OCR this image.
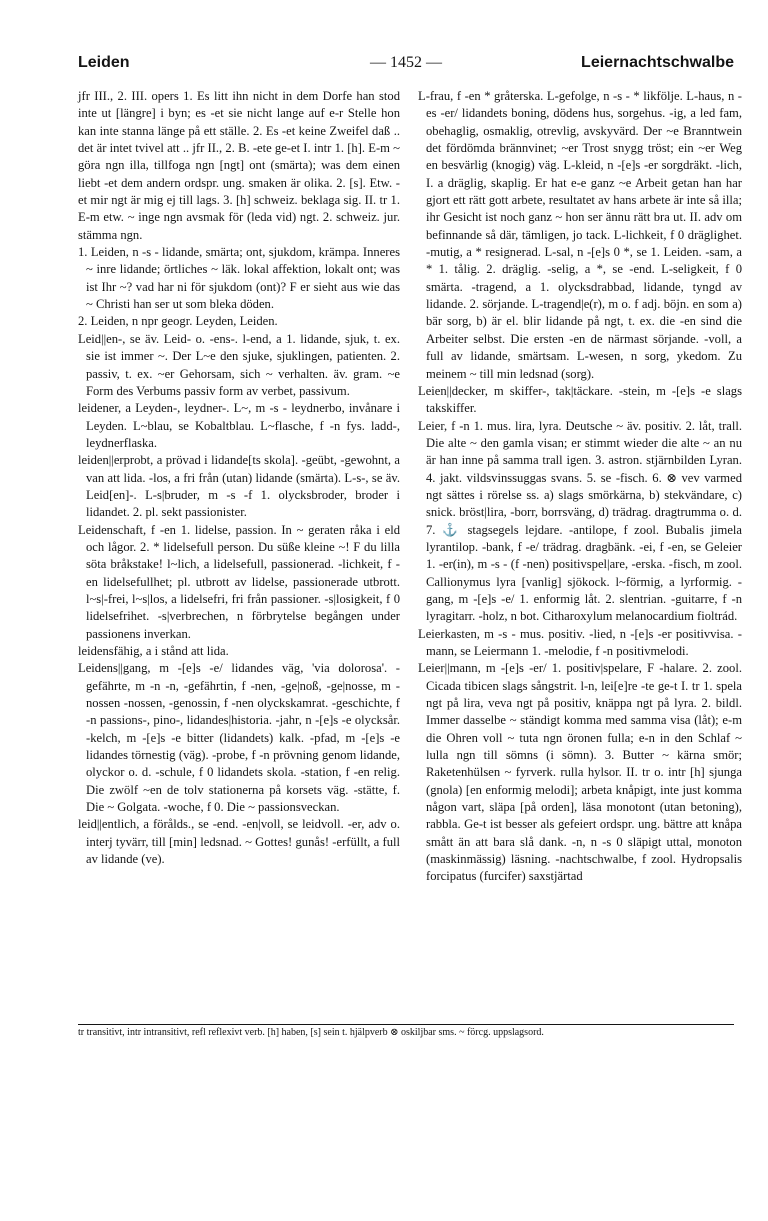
Leiden	— 1452 —	Leiernachtschwalbe

jfr III., 2. III. opers 1. Es litt ihn nicht in dem Dorfe han stod inte ut [längre] i byn; es -et sie nicht lange auf e-r Stelle hon kan inte stanna länge på ett ställe. 2. Es -et keine Zweifel daß .. det är intet tvivel att .. jfr II., 2. B. -ete ge-et I. intr 1. [h]. E-m ~ göra ngn illa, tillfoga ngn [ngt] ont (smärta); was dem einen liebt -et dem andern ordspr. ung. smaken är olika. 2. [s]. Etw. -et mir ngt är mig ej till lags. 3. [h] schweiz. beklaga sig. II. tr 1. E-m etw. ~ inge ngn avsmak för (leda vid) ngt. 2. schweiz. jur. stämma ngn.

1. Leiden, n -s - lidande, smärta; ont, sjukdom, krämpa. Inneres ~ inre lidande; örtliches ~ läk. lokal affektion, lokalt ont; was ist Ihr ~? vad har ni för sjukdom (ont)? F er sieht aus wie das ~ Christi han ser ut som bleka döden.

2. Leiden, n npr geogr. Leyden, Leiden.

Leid||en-, se äv. Leid- o. -ens-. l-end, a 1. lidande, sjuk, t. ex. sie ist immer ~. Der L~e den sjuke, sjuklingen, patienten. 2. passiv, t. ex. ~er Gehorsam, sich ~ verhalten. äv. gram. ~e Form des Verbums passiv form av verbet, passivum.

leidener, a Leyden-, leydner-. L~, m -s - leydnerbo, invånare i Leyden. L~blau, se Kobaltblau. L~flasche, f -n fys. ladd-, leydnerflaska.

leiden||erprobt, a prövad i lidande[ts skola]. -geübt, -gewohnt, a van att lida. -los, a fri från (utan) lidande (smärta). L-s-, se äv. Leid[en]-. L-s|bruder, m -s -f 1. olycksbroder, broder i lidandet. 2. pl. sekt passionister.

Leidenschaft, f -en 1. lidelse, passion. In ~ geraten råka i eld och lågor. 2. * lidelsefull person. Du süße kleine ~! F du lilla söta bråkstake! l~lich, a lidelsefull, passionerad. -lichkeit, f -en lidelsefullhet; pl. utbrott av lidelse, passionerade utbrott. l~s|-frei, l~s|los, a lidelsefri, fri från passioner. -s|losigkeit, f 0 lidelsefrihet. -s|verbrechen, n förbrytelse begången under passionens inverkan.

leidensfähig, a i stånd att lida.

Leidens||gang, m -[e]s -e/ lidandes väg, 'via dolorosa'. -gefährte, m -n -n, -gefährtin, f -nen, -ge|noß, -ge|nosse, m -nossen -nossen, -genossin, f -nen olyckskamrat. -geschichte, f -n passions-, pino-, lidandes|historia. -jahr, n -[e]s -e olycksår. -kelch, m -[e]s -e bitter (lidandets) kalk. -pfad, m -[e]s -e lidandes törnestig (väg). -probe, f -n prövning genom lidande, olyckor o. d. -schule, f 0 lidandets skola. -station, f -en relig. Die zwölf ~en de tolv stationerna på korsets väg. -stätte, f. Die ~ Golgata. -woche, f 0. Die ~ passionsveckan.

leid||entlich, a förålds., se -end. -en|voll, se leidvoll. -er, adv o. interj tyvärr, till [min] ledsnad. ~ Gottes! gunås! -erfüllt, a full av lidande (ve).

L-frau, f -en * gråterska. L-gefolge, n -s - * likfölje. L-haus, n -es -er/ lidandets boning, dödens hus, sorgehus. -ig, a led fam, obehaglig, osmaklig, otrevlig, avskyvärd. Der ~e Branntwein det fördömda brännvinet; ~er Trost snygg tröst; ein ~er Weg en besvärlig (knogig) väg. L-kleid, n -[e]s -er sorgdräkt. -lich, I. a dräglig, skaplig. Er hat e-e ganz ~e Arbeit getan han har gjort ett rätt gott arbete, resultatet av hans arbete är inte så illa; ihr Gesicht ist noch ganz ~ hon ser ännu rätt bra ut. II. adv om befinnande så där, tämligen, jo tack. L-lichkeit, f 0 dräglighet. -mutig, a * resignerad. L-sal, n -[e]s 0 *, se 1. Leiden. -sam, a * 1. tålig. 2. dräglig. -selig, a *, se -end. L-seligkeit, f 0 smärta. -tragend, a 1. olycksdrabbad, lidande, tyngd av lidande. 2. sörjande. L-tragend|e(r), m o. f adj. böjn. en som a) bär sorg, b) är el. blir lidande på ngt, t. ex. die -en sind die Arbeiter selbst. Die ersten -en de närmast sörjande. -voll, a full av lidande, smärtsam. L-wesen, n sorg, ykedom. Zu meinem ~ till min ledsnad (sorg).

Leien||decker, m skiffer-, tak|täckare. -stein, m -[e]s -e slags takskiffer.

Leier, f -n 1. mus. lira, lyra. Deutsche ~ äv. positiv. 2. låt, trall. Die alte ~ den gamla visan; er stimmt wieder die alte ~ an nu är han inne på samma trall igen. 3. astron. stjärnbilden Lyran. 4. jakt. vildsvinssuggas svans. 5. se -fisch. 6. ⊗ vev varmed ngt sättes i rörelse ss. a) slags smörkärna, b) stekvändare, c) snick. bröst|lira, -borr, borrsväng, d) trädrag. dragtrumma o. d. 7. ⚓ stagsegels lejdare. -antilope, f zool. Bubalis jimela lyrantilop. -bank, f -e/ trädrag. dragbänk. -ei, f -en, se Geleier 1. -er(in), m -s - (f -nen) positivspel|are, -erska. -fisch, m zool. Callionymus lyra [vanlig] sjökock. l~förmig, a lyrformig. -gang, m -[e]s -e/ 1. enformig låt. 2. slentrian. -guitarre, f -n lyragitarr. -holz, n bot. Citharoxylum melanocardium fioltrád.

Leierkasten, m -s - mus. positiv. -lied, n -[e]s -er positivvisa. -mann, se Leiermann 1. -melodie, f -n positivmelodi.

Leier||mann, m -[e]s -er/ 1. positiv|spelare, F -halare. 2. zool. Cicada tibicen slags sångstrit. l-n, lei[e]re -te ge-t I. tr 1. spela ngt på lira, veva ngt på positiv, knäppa ngt på lyra. 2. bildl. Immer dasselbe ~ ständigt komma med samma visa (låt); e-m die Ohren voll ~ tuta ngn öronen fulla; e-n in den Schlaf ~ lulla ngn till sömns (i sömn). 3. Butter ~ kärna smör; Raketenhülsen ~ fyrverk. rulla hylsor. II. tr o. intr [h] sjunga (gnola) [en enformig melodi]; arbeta knåpigt, inte just komma någon vart, släpa [på orden], läsa monotont (utan betoning), rabbla. Ge-t ist besser als gefeiert ordspr. ung. bättre att knåpa smått än att bara slå dank. -n, n -s 0 släpigt uttal, monoton (maskinmässig) läsning. -nachtschwalbe, f zool. Hydropsalis forcipatus (furcifer) saxstjärtad

tr transitivt, intr intransitivt, refl reflexivt verb. [h] haben, [s] sein t. hjälpverb ⊗ oskiljbar sms. ~ förcg. uppslagsord.
